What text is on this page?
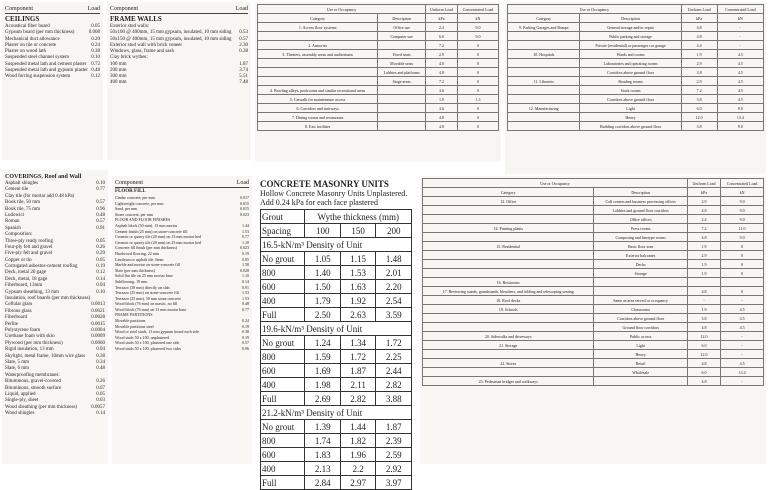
Component	Load
CEILINGS
Acoustical fiber board	0.05
Gypsum board (per mm thickness)	0.008
Mechanical duct allowance	0.20
Plaster on tile or concrete	0.24
Plaster on wood lath	0.38
Suspended steel channel system	0.10
Suspended metal lath and cement plaster 0.72
Suspended metal lath and gypsum plaster 0.48
Wood furring suspension system	0.12
Component	Load
FRAME WALLS
Exterior stud walls:
50x100 @ 400mm, 15 mm gypsum, insulated, 10 mm siding	0.53
50x150 @ 400mm, 15 mm gypsum, insulated, 10 mm siding	0.57
Exterior stud wall with brick veneer	2.30
Windows, glass, frame and sash	0.38
Clay brick wythes:
100 mm	1.87
200 mm	3.74
300 mm	5.51
400 mm	7.48
Use or Occupancy		Uniform Load	Concentrated Load
Category	Description	kPa	kN
1. Access floor systems	Office use	2.4	9.0
	Computer use	6.0	9.0
2. Armories		7.2	0
3. Theaters, assembly areas and auditoriums	Fixed seats	2.9	0
	Movable seats	4.8	0
	Lobbies and platforms	4.8	0
	Stage areas	7.2	0
4. Bowling alleys, poolrooms and similar recreational areas		3.6	0
5. Catwalk for maintenance access		1.9	1.3
6. Corridors and stairways		3.6	0
7. Dining rooms and restaurants		4.8	0
8. Exit facilities		4.8	0
Use or Occupancy		Uniform Load	Concentrated Load
Category	Description	kPa	kN
9. Parking Garages and Ramps	General storage and/or repair	4.8	-
	Public parking and storage	4.8	-
	Private (residential) or passenger car garage	2.4	-
10. Hospitals	Wards and rooms	1.9	4.5
	Laboratories and operating rooms	2.9	4.5
	Corridors above ground floor	3.8	4.5
11. Libraries	Reading rooms	2.9	4.5
	Stack rooms	7.2	4.5
	Corridors above ground floor	3.8	4.5
12. Manufacturing	Light	6.0	9.0
	Heavy	12.0	13.4
	Building corridors above ground floor	3.8	9.0
COVERINGS, Roof and Wall
Asphalt shingles	0.10
Cement tile	0.77
Clay tile (for mortar add 0.48 kPa)
Book tile, 50 mm	0.57
Book tile, 75 mm	0.96
Ludowici	0.48
Roman	0.57
Spanish	0.91
Composition:
Three-ply ready roofing	0.05
Four-ply felt and gravel	0.26
Five-ply felt and gravel	0.29
Copper or tin	0.05
Corrugated asbestos-cement roofing	0.19
Deck, metal 20 gage	0.12
Deck, metal, 18 gage	0.14
Fiberboard, 13mm	0.04
Gypsum sheathing, 13 mm	0.10
Insulation, roof boards (per mm thickness)
Cellular glass	0.0013
Fibrous glass	0.0021
Fiberboard	0.0028
Perlite	0.0015
Polystyrene foam	0.0004
Urethane foam with skin	0.0009
Plywood (per mm thickness)	0.0060
Rigid insulation, 13 mm	0.04
Skylight, metal frame, 10mm wire glass	0.38
Slate, 5 mm	0.34
Slate, 6 mm	0.48
Waterproofing membranes:
Bituminous, gravel-covered	0.26
Bituminous, smooth surface	0.07
Liquid, applied	0.05
Single-ply, sheet	0.03
Wood sheathing (per mm thickness)	0.0057
Wood shingles	0.14
Component	Load
FLOOR FILL
Cinder concrete, per mm	0.017
Lightweight concrete, per mm	0.015
Sand, per mm	0.015
Stone concrete, per mm	0.023
FLOOR AND FLOOR FINISHES
Asphalt block (50 mm), 13 mm mortar	1.44
Cement finish (25 mm) on stone-concrete fill	1.53
Ceramic or quarry tile (20 mm) on 13 mm mortar bed	0.77
Ceramic or quarry tile (20 mm) on 25 mm mortar bed	1.10
Concrete fill finish (per mm thickness)	0.023
Hardwood flooring, 22 mm	0.19
Linoleum or asphalt tile, 6mm	0.05
Marble and mortar on stone-concrete fill	1.58
Slate (per mm thickness)	0.028
Solid flat tile on 25 mm mortar base	1.10
Subflooring, 19 mm	0.14
Terrazzo (38 mm) directly on slab	0.91
Terrazzo (25 mm) on stone-concrete fill	1.53
Terrazzo (25 mm), 50 mm stone concrete	1.53
Wood block (76 mm) on mastic, no fill	0.48
Wood block (76 mm) on 13 mm mortar base	0.77
FRAME PARTITIONS
Movable partitions	0.24
Movable partitions steel	0.19
Wood or steel studs, 13 mm gypsum board each side	0.38
Wood studs 50 x 100, unplastered	0.19
Wood studs 50 x 100, plastered one side	0.57
Wood studs 50 x 100, plastered two sides	0.96
CONCRETE MASONRY UNITS
Hollow Concrete Masonry Units Unplastered. Add 0.24 kPa for each face plastered
Grout	Wythe thickness (mm)		
Spacing	100	150	200
16.5-kN/m³ Density of Unit			
No grout	1.05	1.15	1.48
800	1.40	1.53	2.01
600	1.50	1.63	2.20
400	1.79	1.92	2.54
Full	2.50	2.63	3.59
19.6-kN/m³ Density of Unit			
No grout	1.24	1.34	1.72
800	1.59	1.72	2.25
600	1.69	1.87	2.44
400	1.98	2.11	2.82
Full	2.69	2.82	3.88
21.2-kN/m³ Density of Unit			
No grout	1.39	1.44	1.87
800	1.74	1.82	2.39
600	1.83	1.96	2.59
400	2.13	2.2	2.92
Full	2.84	2.97	3.97
Use or Occupancy		Uniform Load	Concentrated Load
Category	Description	kPa	kN
13. Office	Call centers and business processing offices	2.9	9.0
	Lobbies and ground floor corridors	4.8	9.0
	Office offices	2.4	9.0
14. Printing plants	Press rooms	7.2	11.0
	Composing and linotype rooms	4.8	9.0
15. Residential	Basic floor area	1.9	0
	Exterior balconies	2.9	0
	Decks	1.9	0
	Storage	1.9	0
16. Restrooms			
17. Reviewing stands, grandstands, bleachers, and folding and telescoping seating		4.8	0
18. Roof decks	Same as area served or occupancy	-	-
19. Schools	Classrooms	1.9	4.5
	Corridors above ground floor	3.8	4.5
	Ground floor corridors	4.8	4.5
20. Sidewalks and driveways	Public access	12.0	-
21. Storage	Light	6.0	-
	Heavy	12.0	-
22. Stores	Retail	4.8	4.5
	Wholesale	6.0	13.4
23. Pedestrian bridges and walkways		4.8	-
